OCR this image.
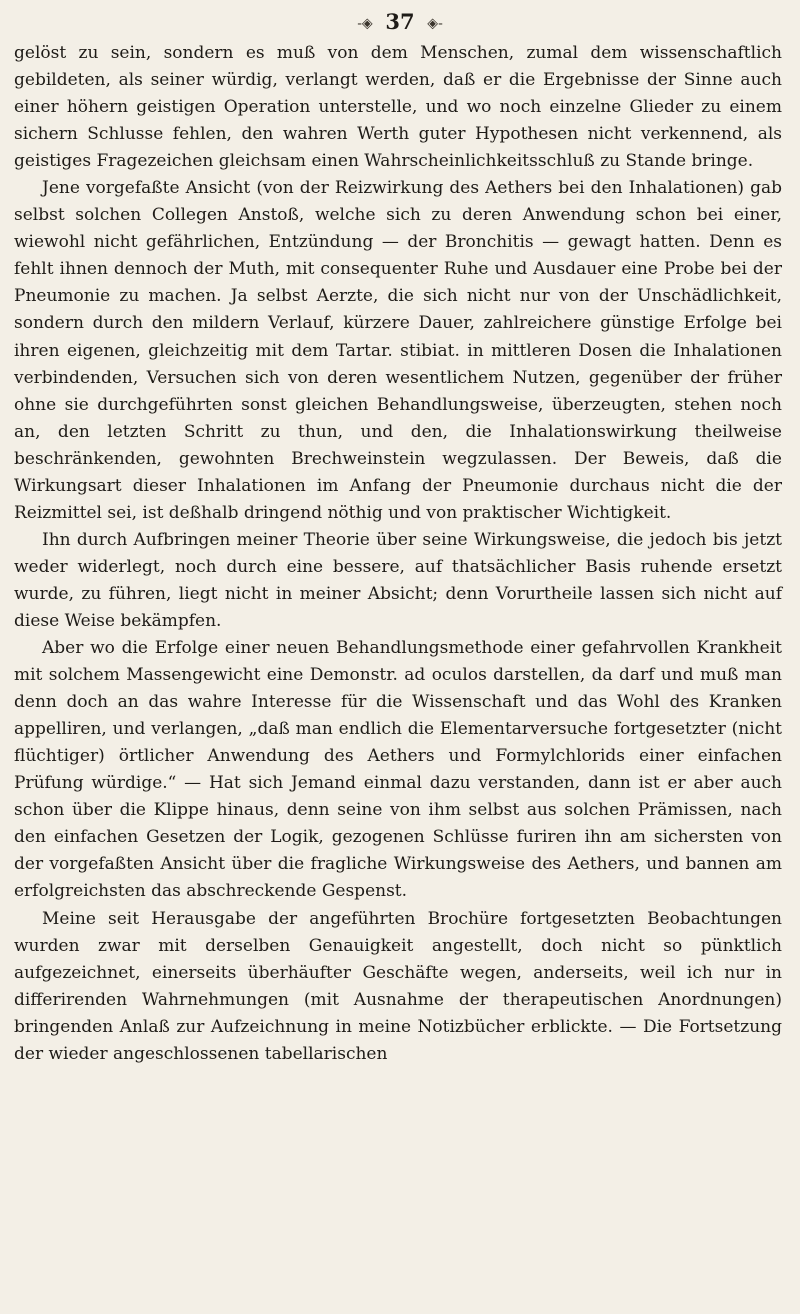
-◈ 37 ◈-

gelöst zu sein, sondern es muß von dem Menschen, zumal dem wissenschaftlich gebildeten, als seiner würdig, verlangt werden, daß er die Ergebnisse der Sinne auch einer höhern geistigen Operation unterstelle, und wo noch einzelne Glieder zu einem sichern Schlusse fehlen, den wahren Werth guter Hypothesen nicht verkennend, als geistiges Fragezeichen gleichsam einen Wahrscheinlichkeitsschluß zu Stande bringe.

Jene vorgefaßte Ansicht (von der Reizwirkung des Aethers bei den Inhalationen) gab selbst solchen Collegen Anstoß, welche sich zu deren Anwendung schon bei einer, wiewohl nicht gefährlichen, Entzündung — der Bronchitis — gewagt hatten. Denn es fehlt ihnen dennoch der Muth, mit consequenter Ruhe und Ausdauer eine Probe bei der Pneumonie zu machen. Ja selbst Aerzte, die sich nicht nur von der Unschädlichkeit, sondern durch den mildern Verlauf, kürzere Dauer, zahlreichere günstige Erfolge bei ihren eigenen, gleichzeitig mit dem Tartar. stibiat. in mittleren Dosen die Inhalationen verbindenden, Versuchen sich von deren wesentlichem Nutzen, gegenüber der früher ohne sie durchgeführten sonst gleichen Behandlungsweise, überzeugten, stehen noch an, den letzten Schritt zu thun, und den, die Inhalationswirkung theilweise beschränkenden, gewohnten Brechweinstein wegzulassen. Der Beweis, daß die Wirkungsart dieser Inhalationen im Anfang der Pneumonie durchaus nicht die der Reizmittel sei, ist deßhalb dringend nöthig und von praktischer Wichtigkeit.

Ihn durch Aufbringen meiner Theorie über seine Wirkungsweise, die jedoch bis jetzt weder widerlegt, noch durch eine bessere, auf thatsächlicher Basis ruhende ersetzt wurde, zu führen, liegt nicht in meiner Absicht; denn Vorurtheile lassen sich nicht auf diese Weise bekämpfen.

Aber wo die Erfolge einer neuen Behandlungsmethode einer gefahrvollen Krankheit mit solchem Massengewicht eine Demonstr. ad oculos darstellen, da darf und muß man denn doch an das wahre Interesse für die Wissenschaft und das Wohl des Kranken appelliren, und verlangen, „daß man endlich die Elementarversuche fortgesetzter (nicht flüchtiger) örtlicher Anwendung des Aethers und Formylchlorids einer einfachen Prüfung würdige.“ — Hat sich Jemand einmal dazu verstanden, dann ist er aber auch schon über die Klippe hinaus, denn seine von ihm selbst aus solchen Prämissen, nach den einfachen Gesetzen der Logik, gezogenen Schlüsse furiren ihn am sichersten von der vorgefaßten Ansicht über die fragliche Wirkungsweise des Aethers, und bannen am erfolgreichsten das abschreckende Gespenst.

Meine seit Herausgabe der angeführten Brochüre fortgesetzten Beobachtungen wurden zwar mit derselben Genauigkeit angestellt, doch nicht so pünktlich aufgezeichnet, einerseits überhäufter Geschäfte wegen, anderseits, weil ich nur in differirenden Wahrnehmungen (mit Ausnahme der therapeutischen Anordnungen) bringenden Anlaß zur Aufzeichnung in meine Notizbücher erblickte. — Die Fortsetzung der wieder angeschlossenen tabellarischen
